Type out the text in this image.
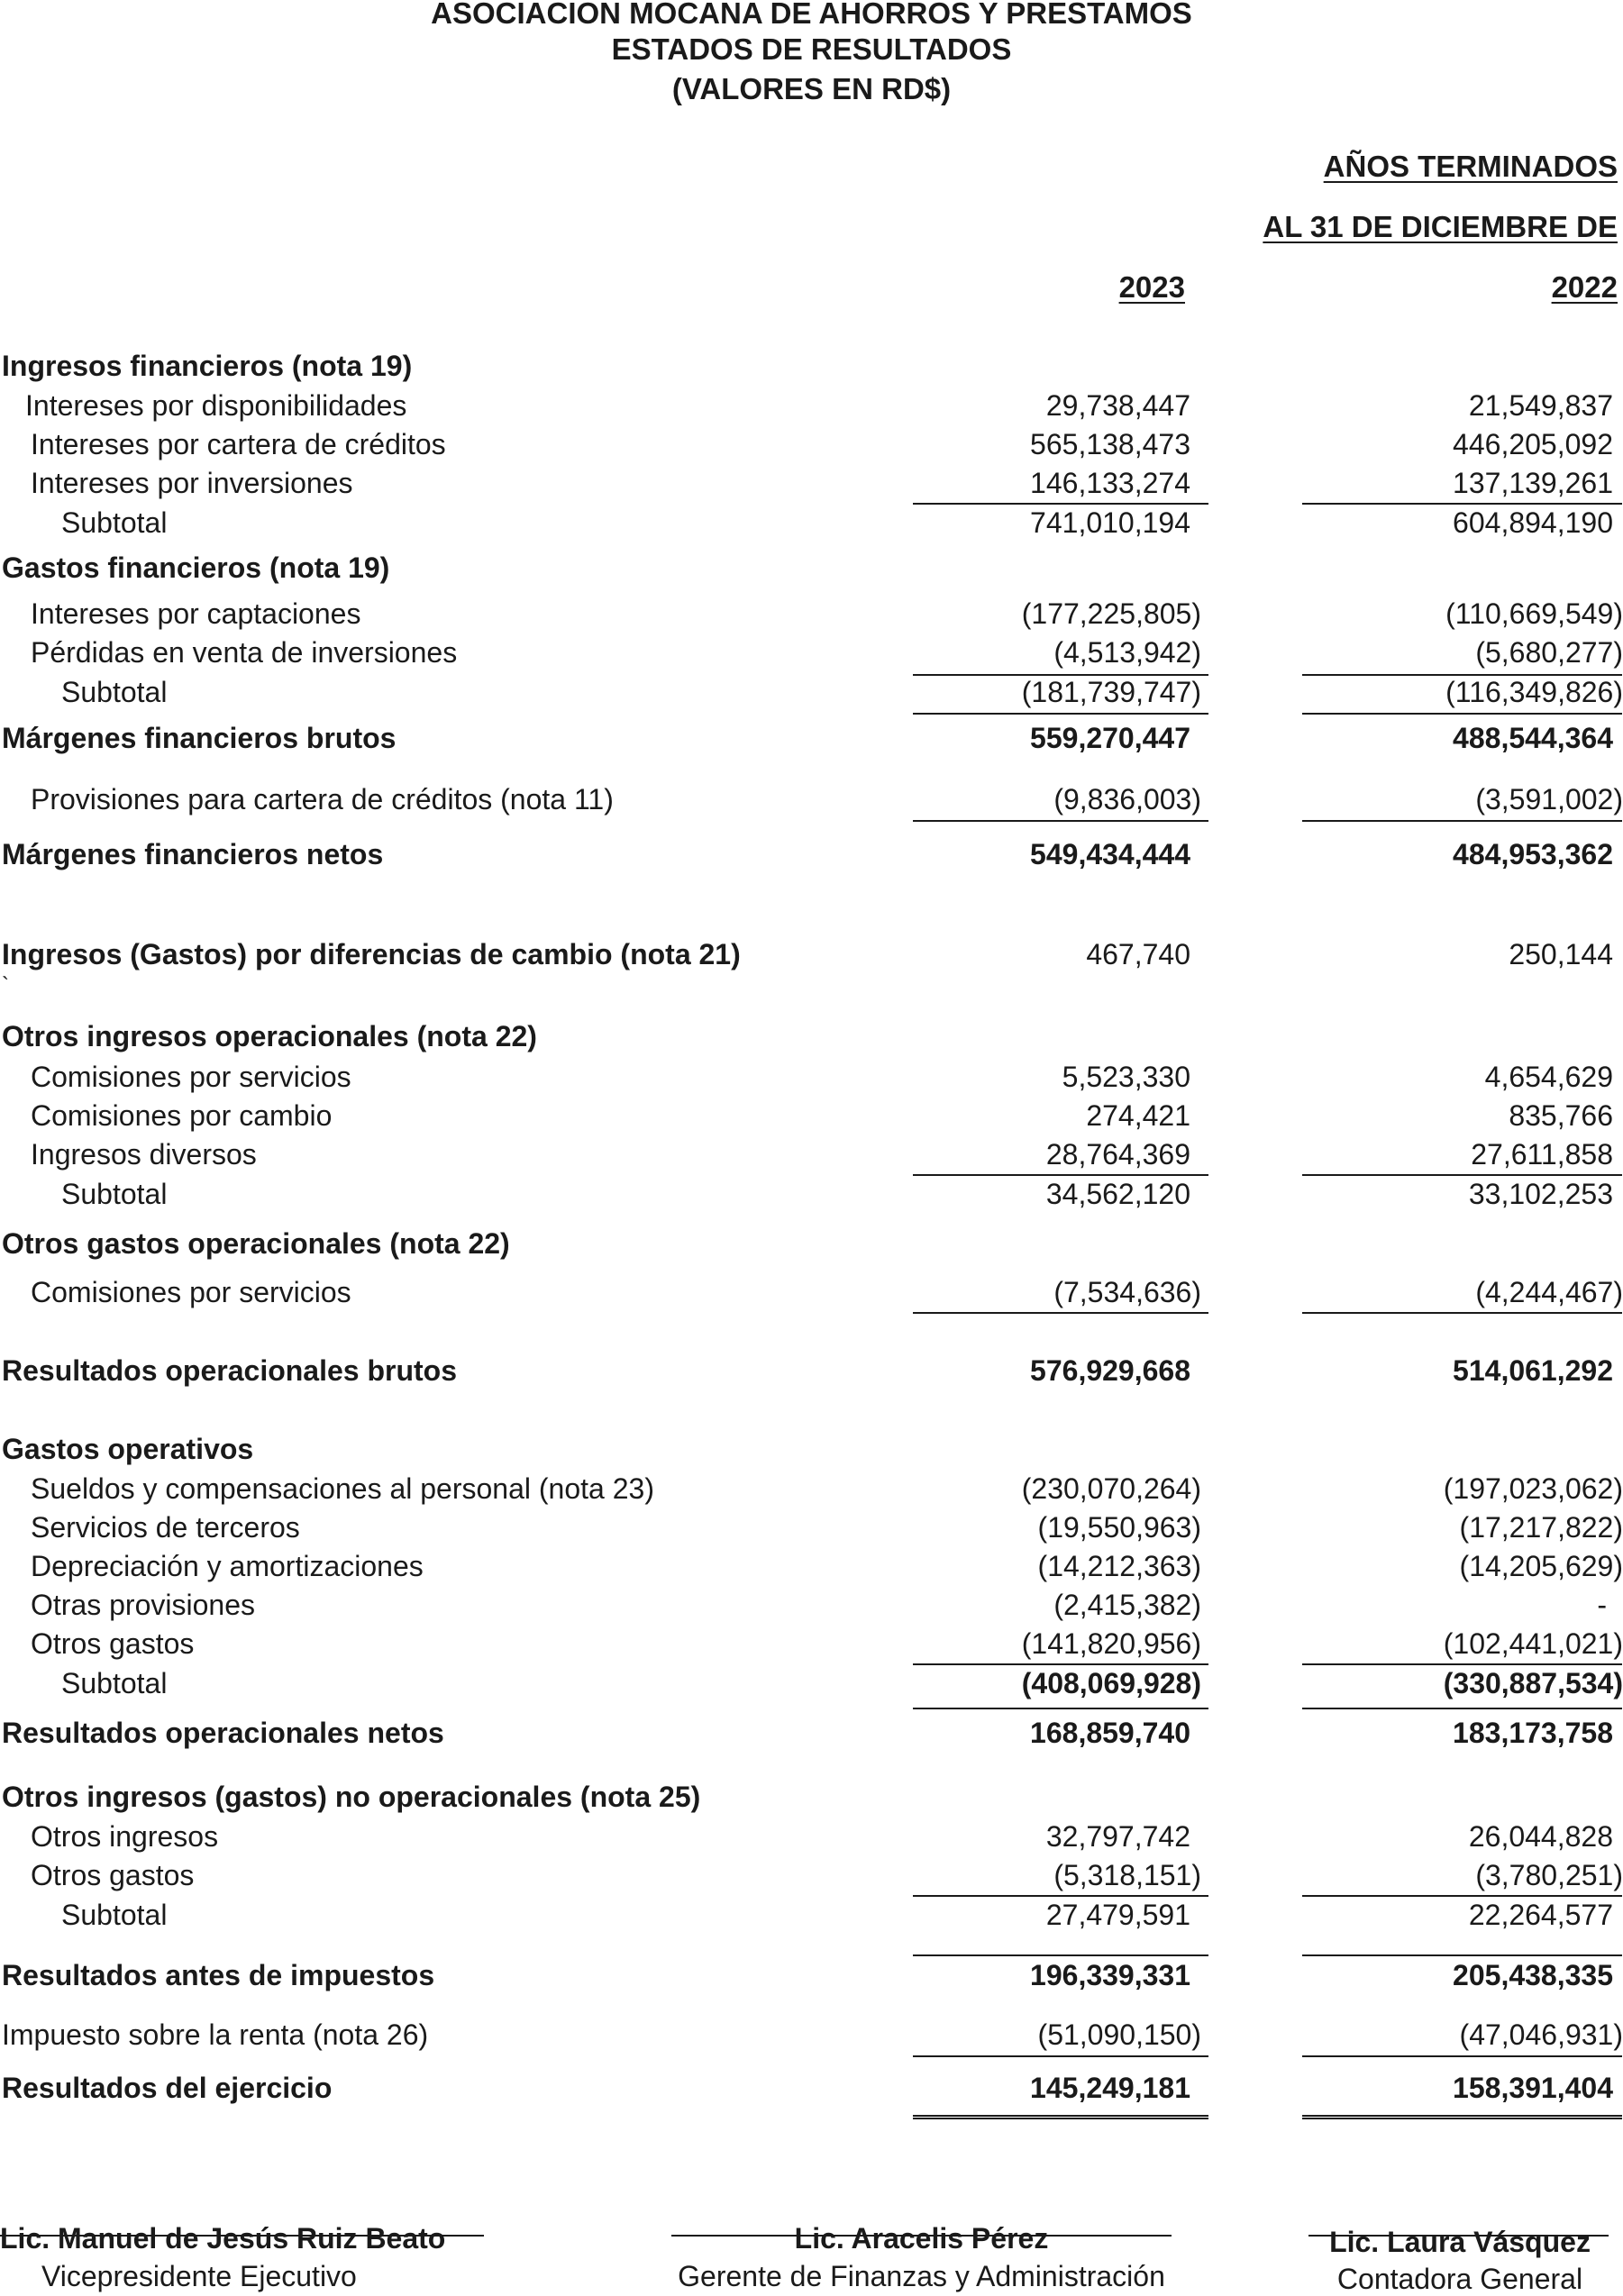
ASOCIACION MOCANA DE AHORROS Y PRESTAMOS
ESTADOS DE RESULTADOS
(VALORES EN RD$)
AÑOS TERMINADOS
AL 31 DE DICIEMBRE DE
2023	2022
Ingresos financieros (nota 19)
Intereses por disponibilidades	29,738,447	21,549,837
Intereses por cartera de créditos	565,138,473	446,205,092
Intereses por inversiones	146,133,274	137,139,261
Subtotal	741,010,194	604,894,190
Gastos financieros (nota 19)
Intereses por captaciones	(177,225,805)	(110,669,549)
Pérdidas en venta de inversiones	(4,513,942)	(5,680,277)
Subtotal	(181,739,747)	(116,349,826)
Márgenes financieros brutos	559,270,447	488,544,364
Provisiones para cartera de créditos (nota 11)	(9,836,003)	(3,591,002)
Márgenes financieros netos	549,434,444	484,953,362
Ingresos (Gastos) por diferencias de cambio (nota 21)	467,740	250,144
`
Otros ingresos operacionales (nota 22)
Comisiones por servicios	5,523,330	4,654,629
Comisiones por cambio	274,421	835,766
Ingresos diversos	28,764,369	27,611,858
Subtotal	34,562,120	33,102,253
Otros gastos operacionales (nota 22)
Comisiones por servicios	(7,534,636)	(4,244,467)
Resultados operacionales brutos	576,929,668	514,061,292
Gastos operativos
Sueldos y compensaciones al personal (nota 23)	(230,070,264)	(197,023,062)
Servicios de terceros	(19,550,963)	(17,217,822)
Depreciación y amortizaciones	(14,212,363)	(14,205,629)
Otras provisiones	(2,415,382)	-
Otros gastos	(141,820,956)	(102,441,021)
Subtotal	(408,069,928)	(330,887,534)
Resultados operacionales netos	168,859,740	183,173,758
Otros ingresos (gastos) no operacionales (nota 25)
Otros ingresos	32,797,742	26,044,828
Otros gastos	(5,318,151)	(3,780,251)
Subtotal	27,479,591	22,264,577
Resultados antes de impuestos	196,339,331	205,438,335
Impuesto sobre la renta (nota 26)	(51,090,150)	(47,046,931)
Resultados del ejercicio	145,249,181	158,391,404
Lic. Manuel de Jesús Ruiz Beato
Vicepresidente Ejecutivo
Lic. Aracelis Pérez
Gerente de Finanzas y Administración
Lic. Laura Vásquez
Contadora General
